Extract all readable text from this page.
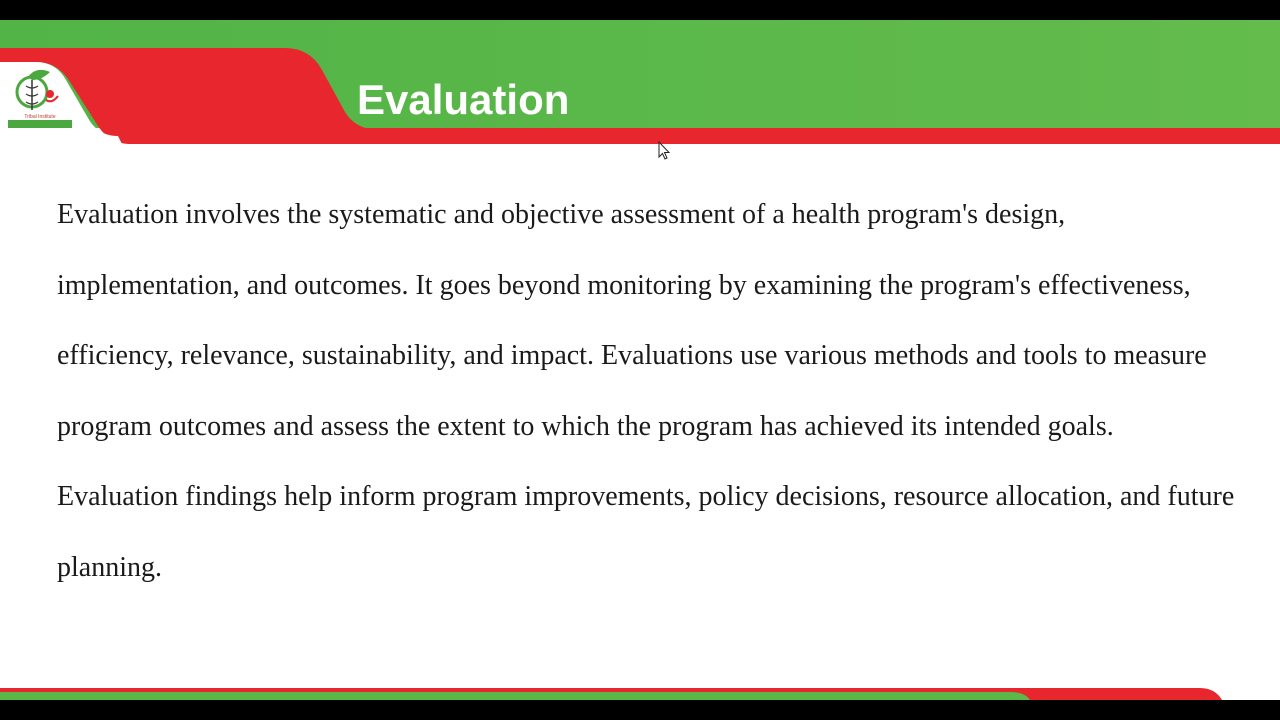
Tribal Institute	Evaluation

Evaluation involves the systematic and objective assessment of a health program's design, implementation, and outcomes. It goes beyond monitoring by examining the program's effectiveness, efficiency, relevance, sustainability, and impact. Evaluations use various methods and tools to measure program outcomes and assess the extent to which the program has achieved its intended goals. Evaluation findings help inform program improvements, policy decisions, resource allocation, and future planning.
